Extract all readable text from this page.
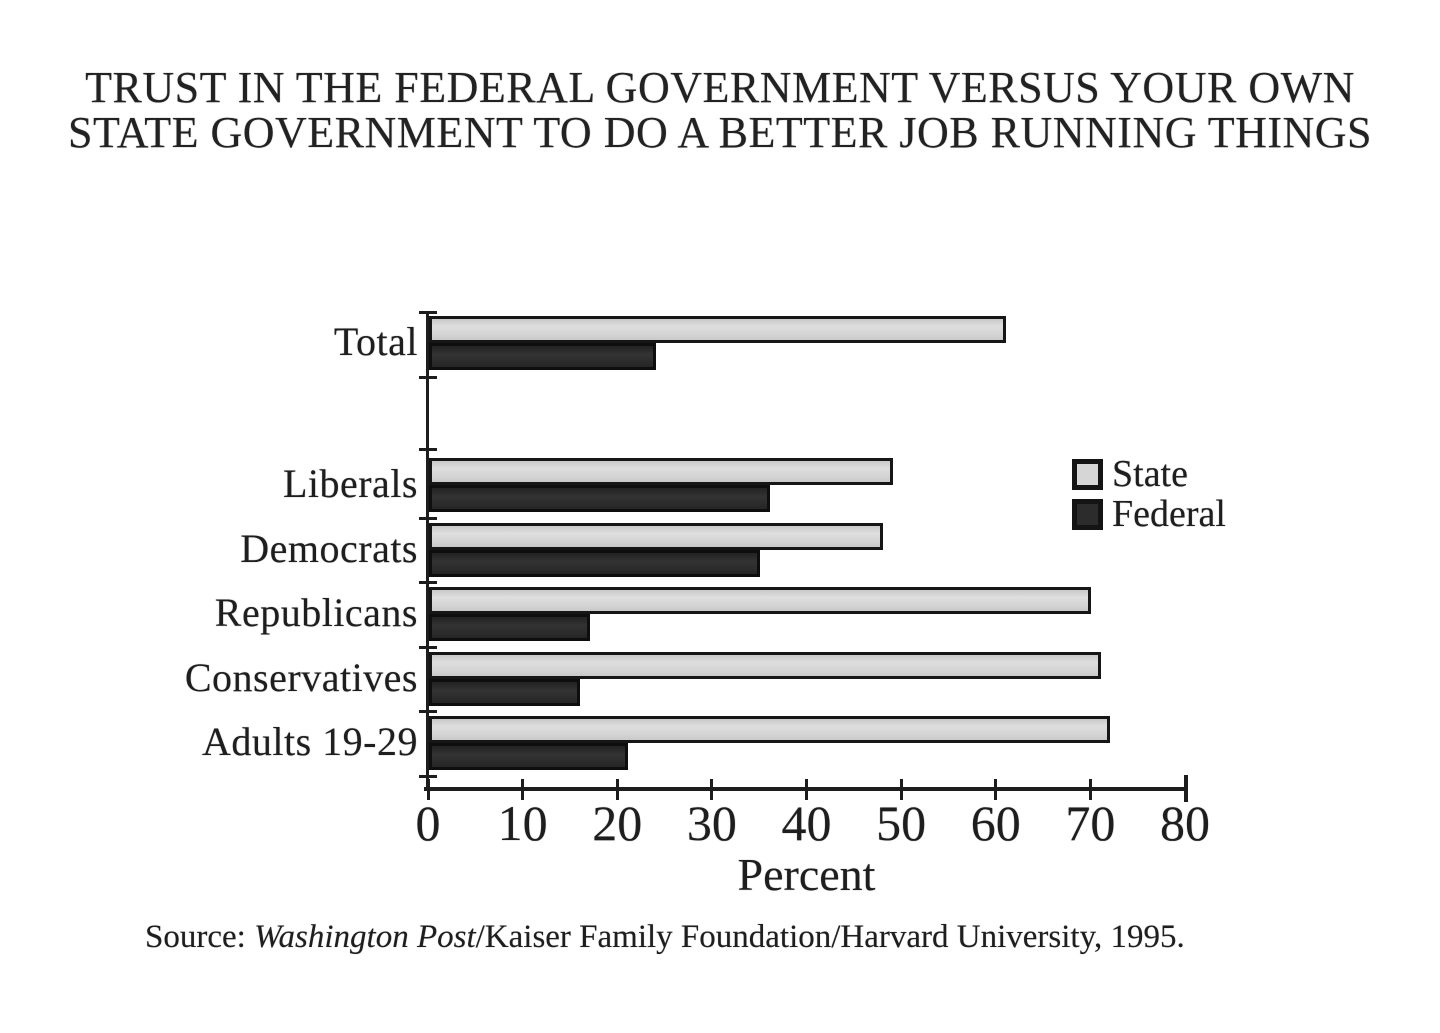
TRUST IN THE FEDERAL GOVERNMENT VERSUS YOUR OWN
STATE GOVERNMENT TO DO A BETTER JOB RUNNING THINGS
Total
Liberals
Democrats
Republicans
Conservatives
Adults 19-29
0 10 20 30 40 50 60 70 80
Percent
State
Federal
Source: Washington Post/Kaiser Family Foundation/Harvard University, 1995.
